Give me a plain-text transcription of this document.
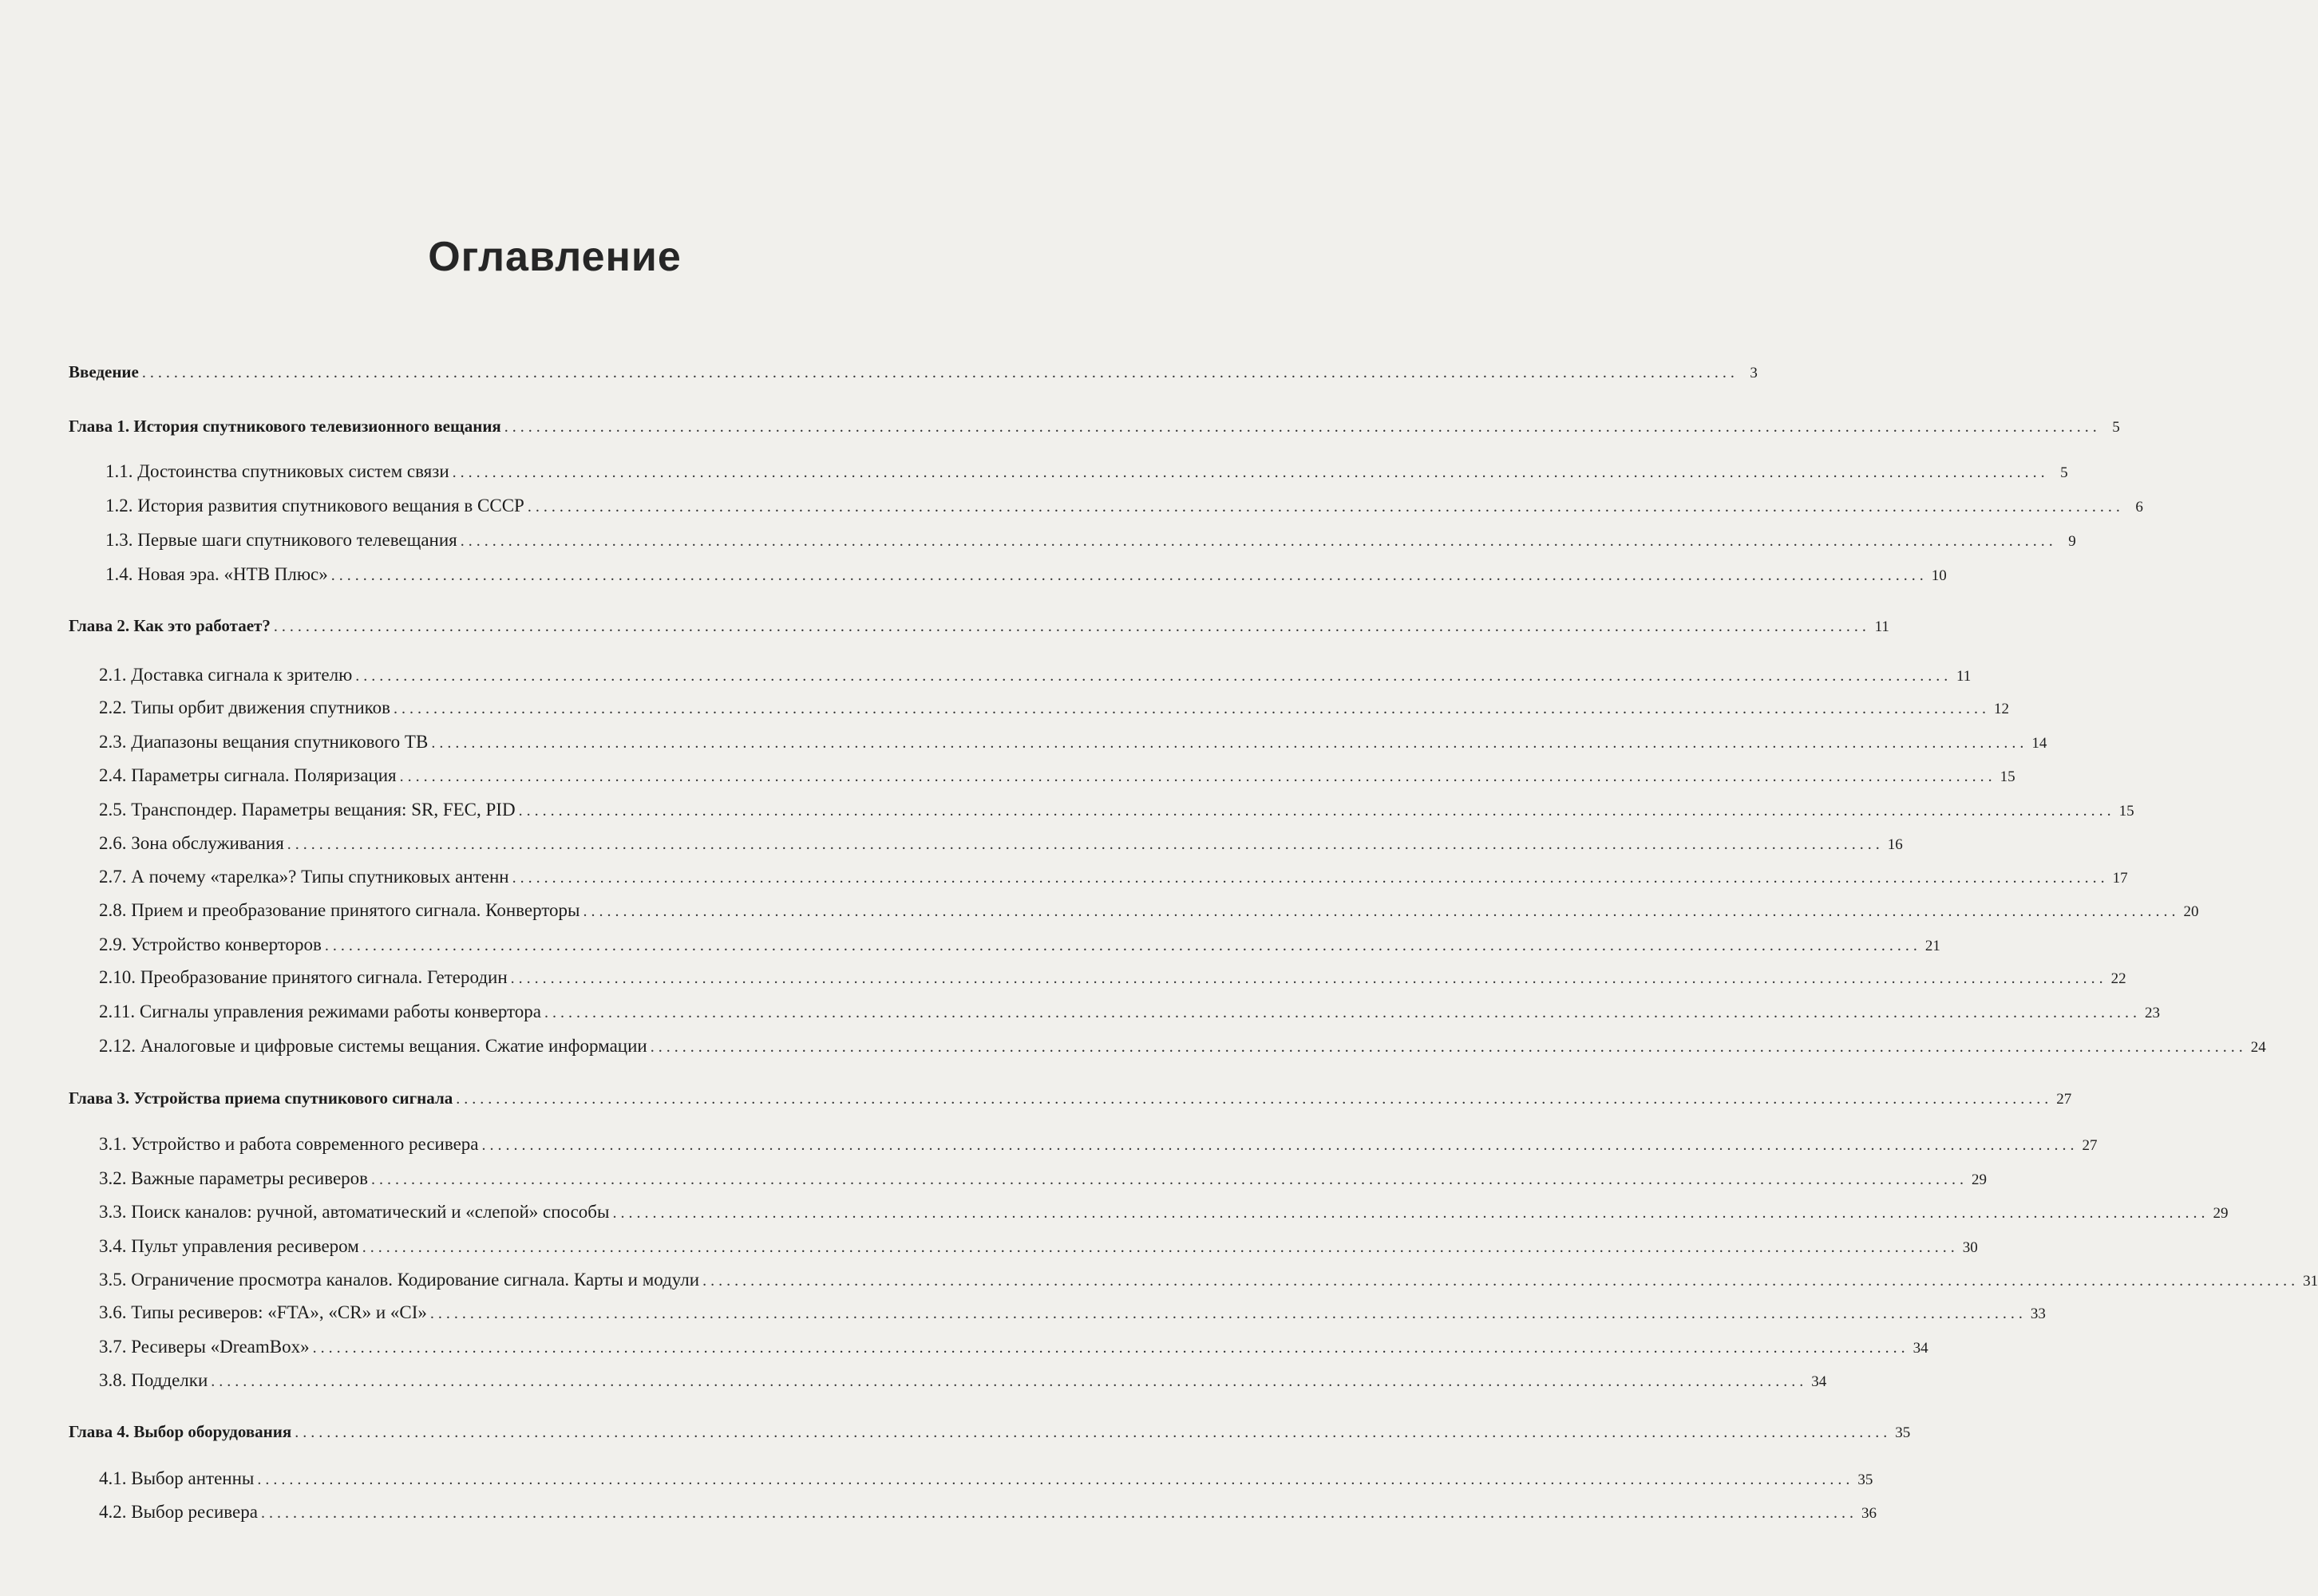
Оглавление
Введение ........................................................................................................................................................................................................ 3
Глава 1. История спутникового телевизионного вещания ........................................................................................................................................................................................................ 5
1.1. Достоинства спутниковых систем связи ........................................................................................................................................................................................................ 5
1.2. История развития спутникового вещания в СССР ........................................................................................................................................................................................................ 6
1.3. Первые шаги спутникового телевещания ........................................................................................................................................................................................................ 9
1.4. Новая эра. «НТВ Плюс» ........................................................................................................................................................................................................ 10
Глава 2. Как это работает? ........................................................................................................................................................................................................ 11
2.1. Доставка сигнала к зрителю ........................................................................................................................................................................................................ 11
2.2. Типы орбит движения спутников ........................................................................................................................................................................................................ 12
2.3. Диапазоны вещания спутникового ТВ ........................................................................................................................................................................................................ 14
2.4. Параметры сигнала. Поляризация ........................................................................................................................................................................................................ 15
2.5. Транспондер. Параметры вещания: SR, FEC, PID ........................................................................................................................................................................................................ 15
2.6. Зона обслуживания ........................................................................................................................................................................................................ 16
2.7. А почему «тарелка»? Типы спутниковых антенн ........................................................................................................................................................................................................ 17
2.8. Прием и преобразование принятого сигнала. Конверторы ........................................................................................................................................................................................................ 20
2.9. Устройство конверторов ........................................................................................................................................................................................................ 21
2.10. Преобразование принятого сигнала. Гетеродин ........................................................................................................................................................................................................ 22
2.11. Сигналы управления режимами работы конвертора ........................................................................................................................................................................................................ 23
2.12. Аналоговые и цифровые системы вещания. Сжатие информации ........................................................................................................................................................................................................ 24
Глава 3. Устройства приема спутникового сигнала ........................................................................................................................................................................................................ 27
3.1. Устройство и работа современного ресивера ........................................................................................................................................................................................................ 27
3.2. Важные параметры ресиверов ........................................................................................................................................................................................................ 29
3.3. Поиск каналов: ручной, автоматический и «слепой» способы ........................................................................................................................................................................................................ 29
3.4. Пульт управления ресивером ........................................................................................................................................................................................................ 30
3.5. Ограничение просмотра каналов. Кодирование сигнала. Карты и модули ........................................................................................................................................................................................................ 31
3.6. Типы ресиверов: «FTA», «CR» и «CI» ........................................................................................................................................................................................................ 33
3.7. Ресиверы «DreamBox» ........................................................................................................................................................................................................ 34
3.8. Подделки ........................................................................................................................................................................................................ 34
Глава 4. Выбор оборудования ........................................................................................................................................................................................................ 35
4.1. Выбор антенны ........................................................................................................................................................................................................ 35
4.2. Выбор ресивера ........................................................................................................................................................................................................ 36
